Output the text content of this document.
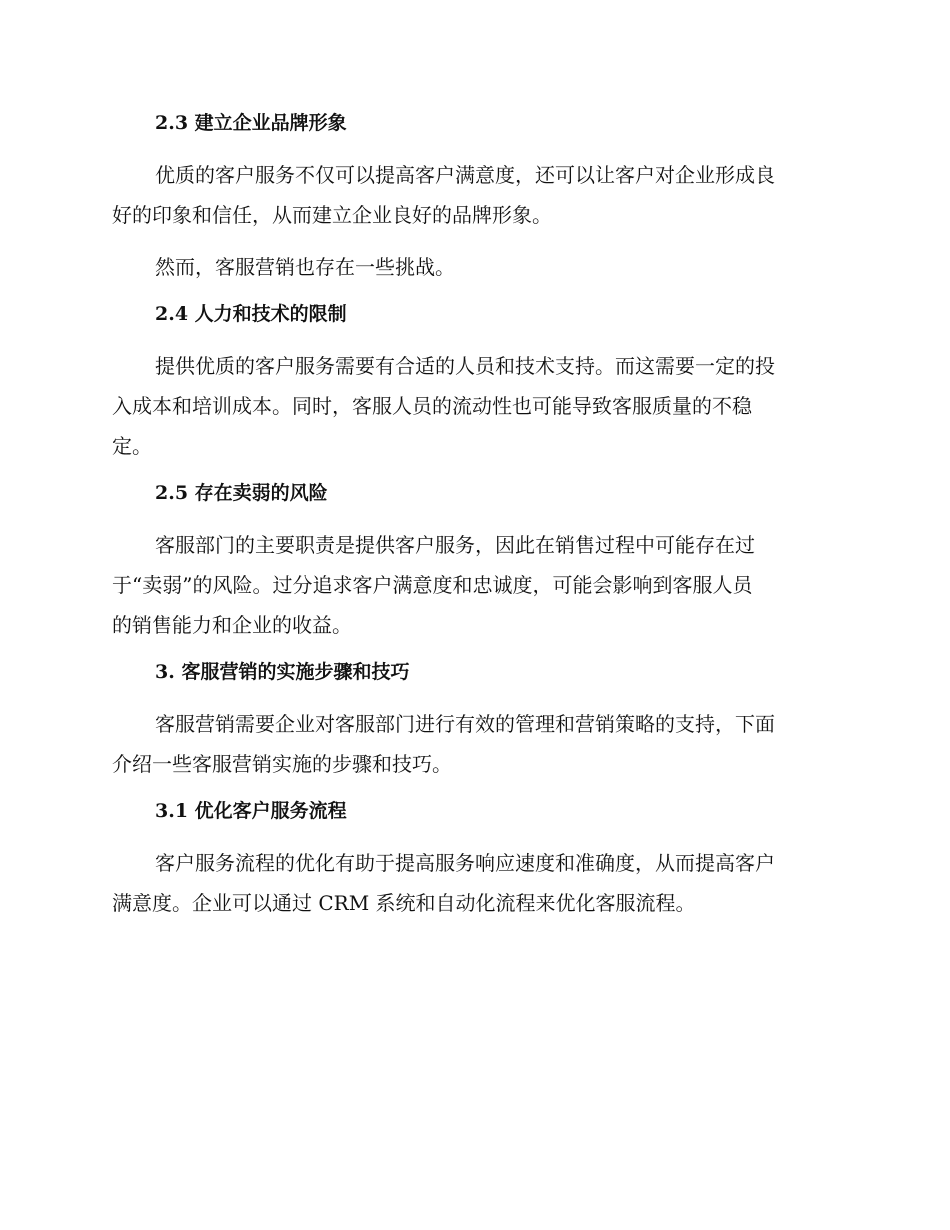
2.3 建立企业品牌形象
优质的客户服务不仅可以提高客户满意度，还可以让客户对企业形成良
好的印象和信任，从而建立企业良好的品牌形象。
然而，客服营销也存在一些挑战。
2.4 人力和技术的限制
提供优质的客户服务需要有合适的人员和技术支持。而这需要一定的投
入成本和培训成本。同时，客服人员的流动性也可能导致客服质量的不稳
定。
2.5 存在卖弱的风险
客服部门的主要职责是提供客户服务，因此在销售过程中可能存在过
于“卖弱”的风险。过分追求客户满意度和忠诚度，可能会影响到客服人员
的销售能力和企业的收益。
3. 客服营销的实施步骤和技巧
客服营销需要企业对客服部门进行有效的管理和营销策略的支持，下面
介绍一些客服营销实施的步骤和技巧。
3.1 优化客户服务流程
客户服务流程的优化有助于提高服务响应速度和准确度，从而提高客户
满意度。企业可以通过 CRM 系统和自动化流程来优化客服流程。
